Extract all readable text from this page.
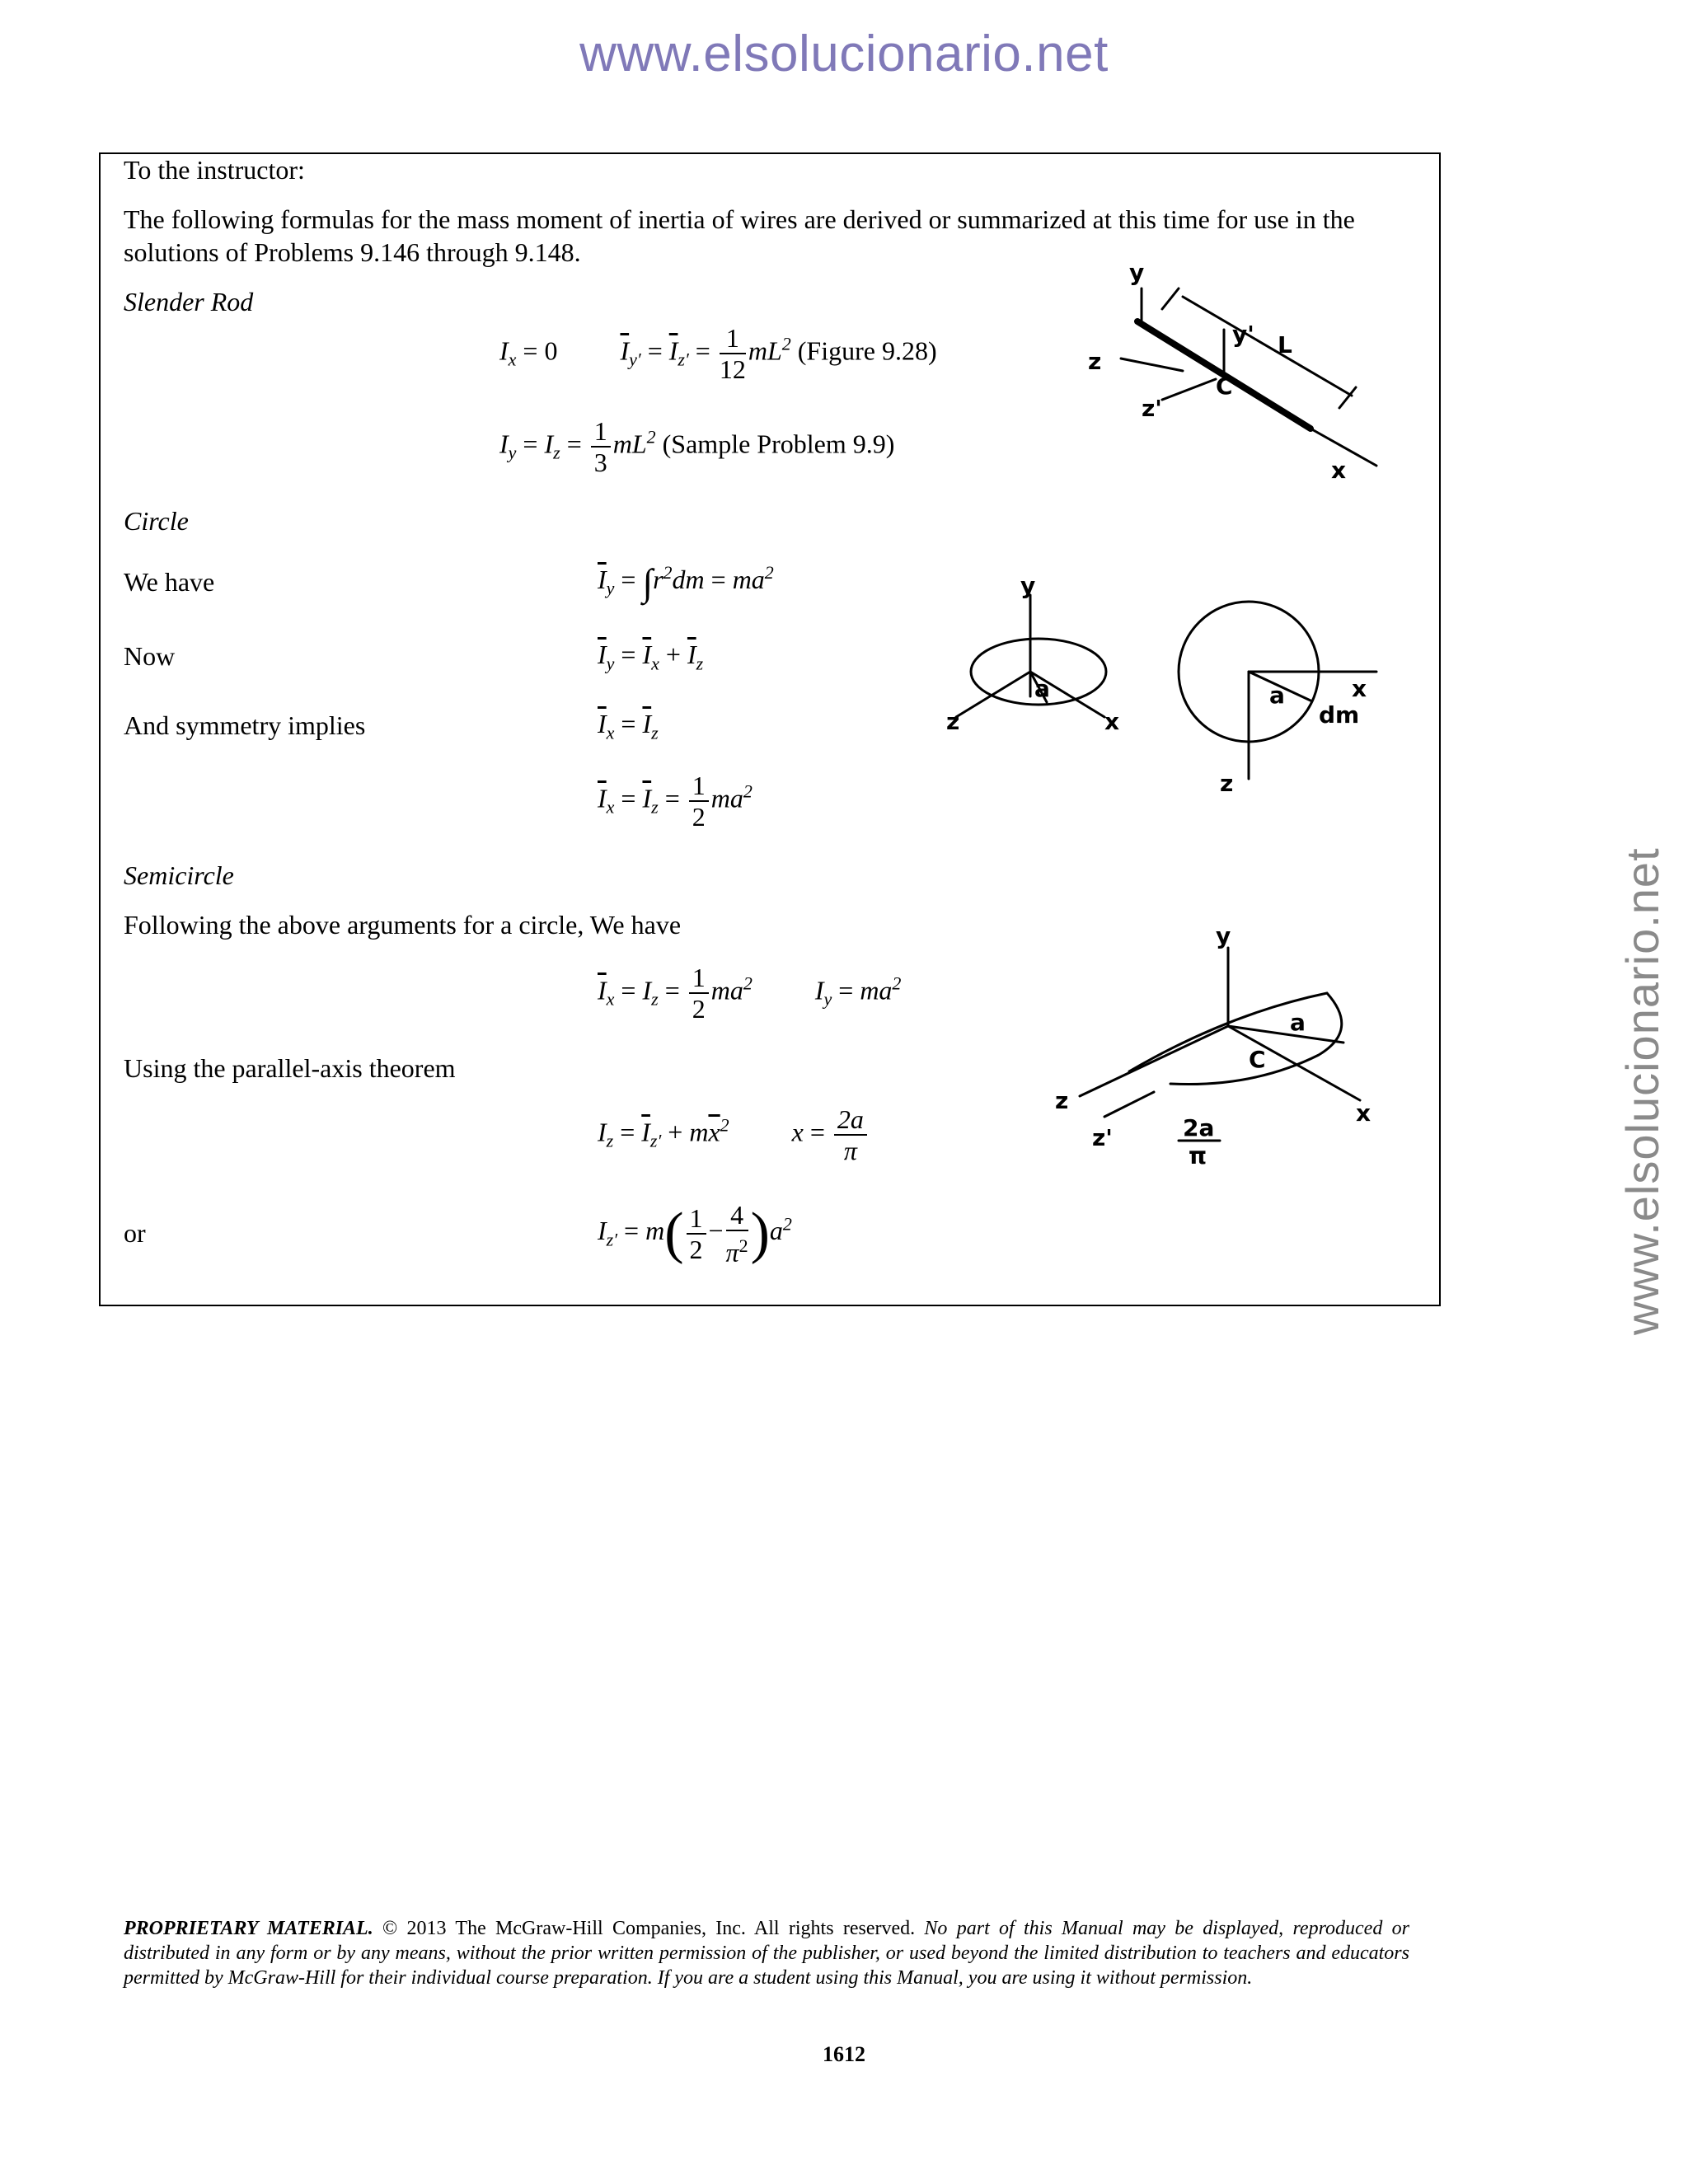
www.elsolucionario.net
www.elsolucionario.net
To the instructor:
The following formulas for the mass moment of inertia of wires are derived or summarized at this time for use in the solutions of Problems 9.146 through 9.148.
Slender Rod
$I_x = 0$ $\overline{I}_{y'} = \overline{I}_{z'} = \frac{1}{12} mL^2$ (Figure 9.28)
$I_y = I_z = \frac{1}{3} mL^2$ (Sample Problem 9.9)
Circle
We have	$\overline{I}_y = \int r^2dm = ma^2$
Now	$\overline{I}_y = \overline{I}_x + \overline{I}_z$
And symmetry implies	$\overline{I}_x = \overline{I}_z$
$\overline{I}_x = \overline{I}_z = \frac{1}{2} ma^2$
Semicircle
Following the above arguments for a circle, We have
$\overline{I}_x = I_z = \frac{1}{2} ma^2$  $I_y = ma^2$
Using the parallel-axis theorem
$I_z = \overline{I}_{z'} + m\overline{x}^2$  $x = \frac{2a}{\pi}$
or	$I_{z'} = m( \frac{1}{2} - \frac{4}{\pi^2} )a^2$
y
x
z
y'
z'
C
L
y
z	x
a	x
z
a
dm
y
x
z
a
C
z'	2a
π
PROPRIETARY MATERIAL. © 2013 The McGraw-Hill Companies, Inc. All rights reserved. No part of this Manual may be displayed, reproduced or distributed in any form or by any means, without the prior written permission of the publisher, or used beyond the limited distribution to teachers and educators permitted by McGraw-Hill for their individual course preparation. If you are a student using this Manual, you are using it without permission.
1612
